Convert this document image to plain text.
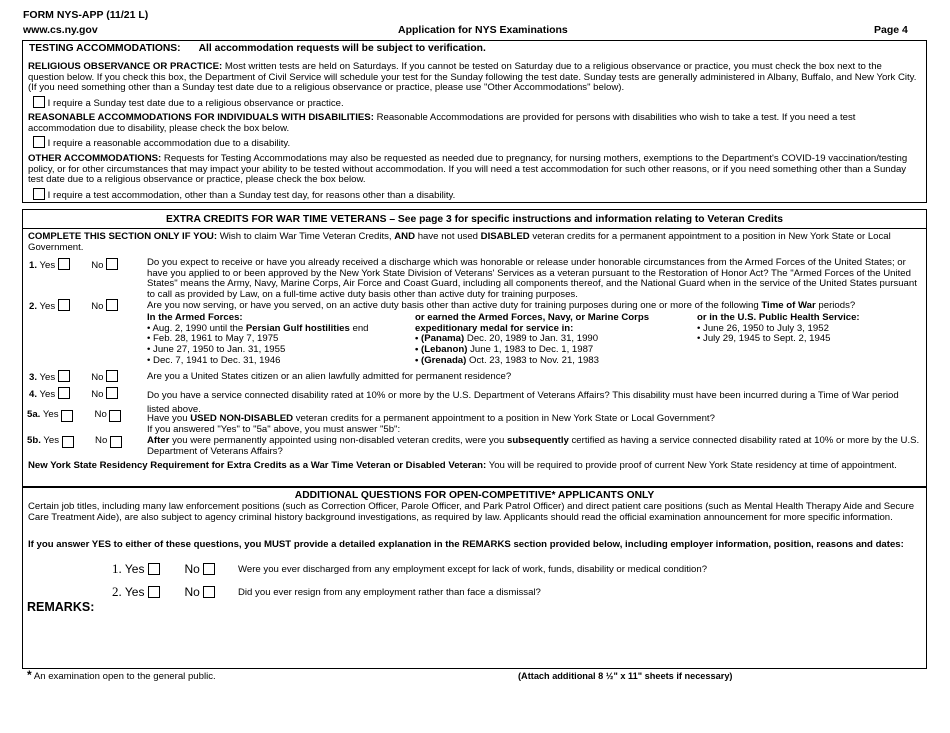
FORM NYS-APP (11/21 L)
www.cs.ny.gov	Application for NYS Examinations	Page 4
TESTING ACCOMMODATIONS: All accommodation requests will be subject to verification.
RELIGIOUS OBSERVANCE OR PRACTICE: Most written tests are held on Saturdays. If you cannot be tested on Saturday due to a religious observance or practice, you must check the box next to the question below. If you check this box, the Department of Civil Service will schedule your test for the Sunday following the test date. Sunday tests are generally administered in Albany, Buffalo, and New York City. (If you need something other than a Sunday test date due to a religious observance or practice, please use "Other Accommodations" below).
I require a Sunday test date due to a religious observance or practice.
REASONABLE ACCOMMODATIONS FOR INDIVIDUALS WITH DISABILITIES: Reasonable Accommodations are provided for persons with disabilities who wish to take a test. If you need a test accommodation due to disability, please check the box below.
I require a reasonable accommodation due to a disability.
OTHER ACCOMMODATIONS: Requests for Testing Accommodations may also be requested as needed due to pregnancy, for nursing mothers, exemptions to the Department's COVID-19 vaccination/testing policy, or for other circumstances that may impact your ability to be tested without accommodation. If you will need a test accommodation for such other reasons, or if you need something other than a Sunday test date due to a religious observance or practice, please check the box below.
I require a test accommodation, other than a Sunday test day, for reasons other than a disability.
EXTRA CREDITS FOR WAR TIME VETERANS – See page 3 for specific instructions and information relating to Veteran Credits
COMPLETE THIS SECTION ONLY IF YOU: Wish to claim War Time Veteran Credits, AND have not used DISABLED veteran credits for a permanent appointment to a position in New York State or Local Government.
1. Yes	No	Do you expect to receive or have you already received a discharge which was honorable or release under honorable circumstances from the Armed Forces of the United States; or have you applied to or been approved by the New York State Division of Veterans' Services as a veteran pursuant to the Restoration of Honor Act? The "Armed Forces of the United States" means the Army, Navy, Marine Corps, Air Force and Coast Guard, including all components thereof, and the National Guard when in the service of the United States pursuant to call as provided by Law, on a full-time active duty basis other than active duty for training purposes.
2. Yes	No	Are you now serving, or have you served, on an active duty basis other than active duty for training purposes during one or more of the following Time of War periods?
In the Armed Forces:
• Aug. 2, 1990 until the Persian Gulf hostilities end
• Feb. 28, 1961 to May 7, 1975
• June 27, 1950 to Jan. 31, 1955
• Dec. 7, 1941 to Dec. 31, 1946
or earned the Armed Forces, Navy, or Marine Corps expeditionary medal for service in:
• (Panama) Dec. 20, 1989 to Jan. 31, 1990
• (Lebanon) June 1, 1983 to Dec. 1, 1987
• (Grenada) Oct. 23, 1983 to Nov. 21, 1983
or in the U.S. Public Health Service:
• June 26, 1950 to July 3, 1952
• July 29, 1945 to Sept. 2, 1945
3. Yes	No	Are you a United States citizen or an alien lawfully admitted for permanent residence?
4. Yes	No	Do you have a service connected disability rated at 10% or more by the U.S. Department of Veterans Affairs? This disability must have been incurred during a Time of War period listed above.
5a. Yes	No	Have you USED NON-DISABLED veteran credits for a permanent appointment to a position in New York State or Local Government?
If you answered "Yes" to "5a" above, you must answer "5b":
5b. Yes	No	After you were permanently appointed using non-disabled veteran credits, were you subsequently certified as having a service connected disability rated at 10% or more by the U.S. Department of Veterans Affairs?
New York State Residency Requirement for Extra Credits as a War Time Veteran or Disabled Veteran: You will be required to provide proof of current New York State residency at time of appointment.
ADDITIONAL QUESTIONS FOR OPEN-COMPETITIVE* APPLICANTS ONLY
Certain job titles, including many law enforcement positions (such as Correction Officer, Parole Officer, and Park Patrol Officer) and direct patient care positions (such as Mental Health Therapy Aide and Secure Care Treatment Aide), are also subject to agency criminal history background investigations, as required by law. Applicants should read the official examination announcement for more specific information.
If you answer YES to either of these questions, you MUST provide a detailed explanation in the REMARKS section provided below, including employer information, position, reasons and dates:
1. Yes	No	Were you ever discharged from any employment except for lack of work, funds, disability or medical condition?
2. Yes	No	Did you ever resign from any employment rather than face a dismissal?
REMARKS:
* An examination open to the general public.	(Attach additional 8 ½" x 11" sheets if necessary)
